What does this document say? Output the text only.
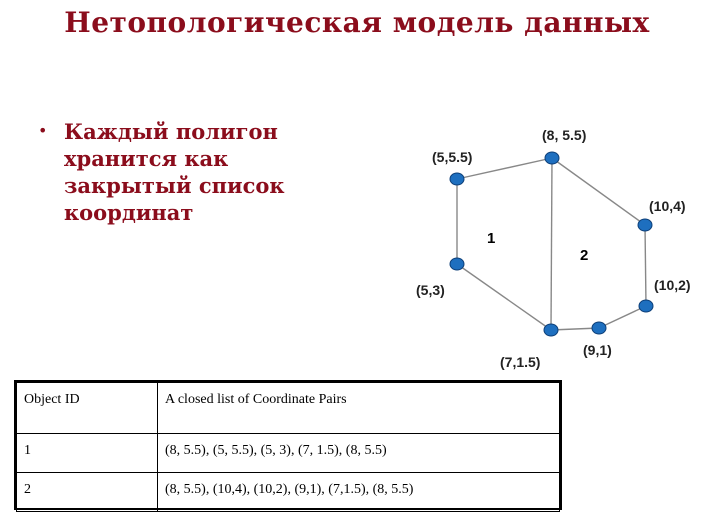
Нетопологическая модель данных
• Каждый полигон
хранится как
закрытый список
координат
(8, 5.5)
(5,5.5)
(5,3)
(7,1.5)
(9,1)
(10,2)
(10,4)
1
2
Object ID	A closed list of Coordinate Pairs
1	(8, 5.5), (5, 5.5), (5, 3), (7, 1.5), (8, 5.5)
2	(8, 5.5), (10,4), (10,2), (9,1), (7,1.5), (8, 5.5)
